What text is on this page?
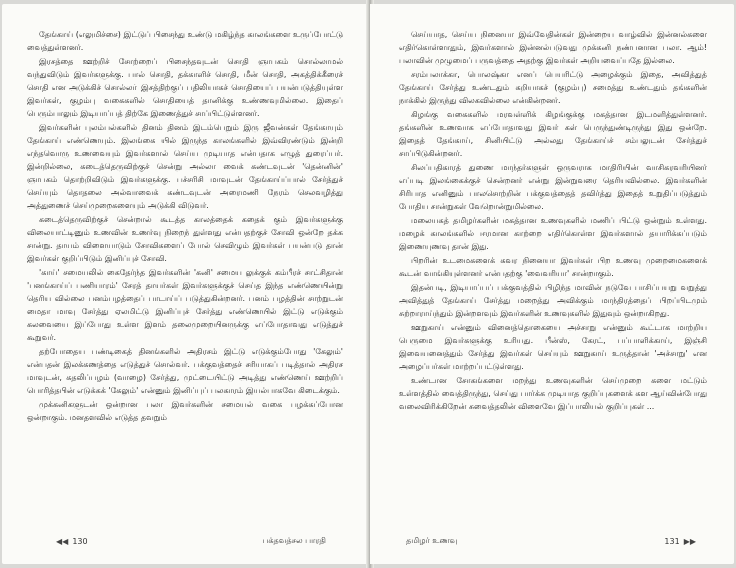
தேங்காய் (எலுமிச்சை) இட்டுப் பிசைந்து உண்டு மகிழ்ந்த காலங்களை உருப்போட்டு வைத்துள்ளனர்.

இரசத்தை ஊற்றிச் சோற்றைப் பிசைந்தவுடன் சொதி ஞாபகம் சொல்லாமல் வந்துவிடும் இவர்களுக்கு. பால் சொதி, தக்காளிச் சொதி, மீன் சொதி, அகத்திக்கீரைச் சொதி என அடுக்கிச் சொல்லா் இசத்திற்குப் பதிலியாகச் சொதியைப் பயன்படுத்தியுள்ள இவர்கள், குழம்பு வகைகளில் சொதியைத் தானிக்கு உண்ணவுமில்லை. இதைப் பெரும்பாலும் இடியாப்பத் திற்கே இணைத்துச் சாப்பிட்டுள்ளனர்.

இவர்களின் புலம்பல்களில் தினம் தினம் இடம்பெறும் இரு ஜீவன்கள் தேங்காயும் தேங்காய் எண்ணெயும். இலங்கை யில் இருந்த காலங்களில் இவ்விரண்டும் இன்றி எந்தவொரு உணவையும் இவர்களால் செய்ய முடியாத என்பதாக எழுத் துரைப்பர். இன்றில்லை, கடைத்தெருவிற்குச் சென்று அல்லா வைக் கண்டவுடன் 'தென்னின்' ஞாபகம் தொற்றிவிடும் இவர்களுக்கு. பச்சரிசி மாவுடன் தேங்காய்ப்பால் சேர்த்துச் செய்யும் தொதலை அல்வாவைக் கண்டவுடன் அரைமணி நேரம் செலவழித்து அத்துணைச் செய்முறைகளையும் அடுக்கி விடுவர்.

கடைத்தெருவிற்குச் சென்றால் கூடத்த காலத்தைக் கதைக் கும் இவர்களுக்கு விலையாட்டினும் உணவின் உணர்வு நிறைந் துள்ளது என்பதற்குச் சோவி ஒன்றே தக்க சான்று. தாயம் விளையாடும் சோவிகளைப் போல் செவிழும் இவர்கள் பயன்படு தான் இவர்கள் குறிப்பிடும் இனிப்புச் சோவி.

'காய்' சமையலில் கைதேர்ந்த இவர்களின் 'கனி' சமைய லுக்குக் கம்பீரச் சாட்சிதான் 'பனங்காய்ப் பணியாரம்' சேரத் தாயர்கள் இவர்களுக்குச் செய்த இந்த எண்ணெயின்று தெரிய வில்லை பனம்பழத்தைப் பாடாய்ப் படுத்துகின்றனர். பனம் பழத்தின் சாற்றுடன் மைதா மாவு சேர்த்து ஏலமிட்டு இனிப்புச் சேர்த்து எண்ணெயில் இட்டு எடுக்கும் கலவையை இப்போது உள்ள இளம் தலைமுறையினருக்கு எப்போதாவது எடுத்துச் கூறுவர்.

தற்போதைய பண்டிகைத் தினங்களில் அதிரசம் இட்டு எடுக்கும்போது 'கேலும்' என்பதன் இலக்கணத்தை எடுத்துச் சொல்வர். பக்குவத்தைச் சரியாகப் படித்தால் அதிரச மாவுடன், கதலிப்பழம் (வாழை) சேர்த்து, முட்டையிட்டு அடித்து எண்ணெய் ஊற்றிப் பொரித்தபின் எடுக்கக் 'கேலும்' என்னும் இனிப்புப் பலகாரம் இயல்பாகவே கிடைக்கும்.

முக்கனிகளுடன் ஒன்றான பலா இவர்களின் சமையல் வகை பழக்கப்போன ஒன்றாகும். மனதளவில் எடுத்த தவறும்

◀◀ 130	பக்தவத்சல பாரதி

செய்யாத, செய்ய நினையா இவ்வேதின்கள் இன்றைய வாழ்வில் இன்னல்களை எதிர்கொள்ளாதும், இவர்களால் இன்னல்படுவது முக்கனி நண்பனான பலா. ஆம்! பலாவின் முழுமைப் பருவத்தை அதற்கு இவர்கள் அறியவைப்பதே இல்லை.

சரம்பலாக்கா, பொலஷ்கா எனப் பெயரிட்டு அழைக்கும் இதை, அவித்துத் தேங்காய் சேர்த்து உண்டதும் கறியாகச் (குழம்பு) சமைத்து உண்டதும் தங்களின் நாக்கில் இருந்து விலகவில்லை என்கின்றனர்.

கிழங்கு வகைகளில் மரவள்ளிக் கிழங்குக்கு மகத்தான இடமளித்துள்ளனர். தங்களின் உணவாக எப்போதாவது இவர் கள் பெருந்துண்டிருந்து இது ஒன்றே. இதைத் தேங்காய், சினியிட்டு அல்லது தேங்காய்ச் சம்பலுடன் சேர்த்துச் சாப்பிடுகின்றனர்.

சிலப்பதிகாரத் துணை மாந்தர்களுள் ஒருவராக மாதிரியின் வாசிகரவரியினர் எப்படி இலங்கைக்குச் சென்றனர் என்று இன்றுவரை தெரியவில்லை. இவர்களின் சிரிபாத எனினும் பாலசொற்றின் பக்குவத்தைத் தவிர்த்து இதைத் உறுதிப்படுத்தும் போதிய சான்றுகள் வேறொன்றுமில்லை.

மலையகத் தமிழர்களின் மகத்தான உணவுகளில் மணிப் பிட்டு ஒன்றும் உள்ளது. மழைக் காலங்களில் ஈரமான காற்றை எதிர்கொள்ள இவர்களால் தயாரிக்கப்படும் இணையுணவு தான் இது.

பிறரின் உடமைகளைக் கவர நினையா இவர்கள் பிற உணவு முறைமைகளைக் கூடன் வாங்கியுள்ளனர் என்பதற்கு 'வைவரியா' சான்றாகும்.

இதன்படி, இடியாப்பப் பக்குவத்தில் பிழிந்த மாவின் நடுவே பாசிப்பயறு வறுத்து அவித்துத் தேங்காய் சேர்த்து மறைத்து அவிக்கும் மாந்திரத்தைப் பிறப்பிடமும் சுற்றாராய்ந்தும் இன்றளவும் இவர்களின் உணவுகளில் இதுவும் ஒன்றாகிறது.

ஊறுகாய் என்னும் வினைத்தொகையை அச்சாறு என்னும் கூட்டாக மாற்றிய பெருமை இவர்களுக்கு உரியது. பீன்ஸ், கேரட், பப்பாளிக்காய், இஞ்சி இவையனைத்தும் சேர்த்து இவர்கள் செய்யும் ஊறுகாய் உருத்தான் 'அச்சாறு' என அழைப்பர்கள் மாற்றப்பட்டுள்ளது.

உண்டான சோகங்களை மறந்து உணவுகளின் செய்முறை களை மட்டும் உள்ளத்தில் வைத்திருந்து, செய்து பார்க்க முடியாத குறிப்புகளைக் கள ஆய்வின்போது வலைவிரிக்கிறேன் சுவைத்தலின் விளைவே இப்பாலியல் குறிப்புகள் ...

தமிழர் உணவு	131 ▶▶
